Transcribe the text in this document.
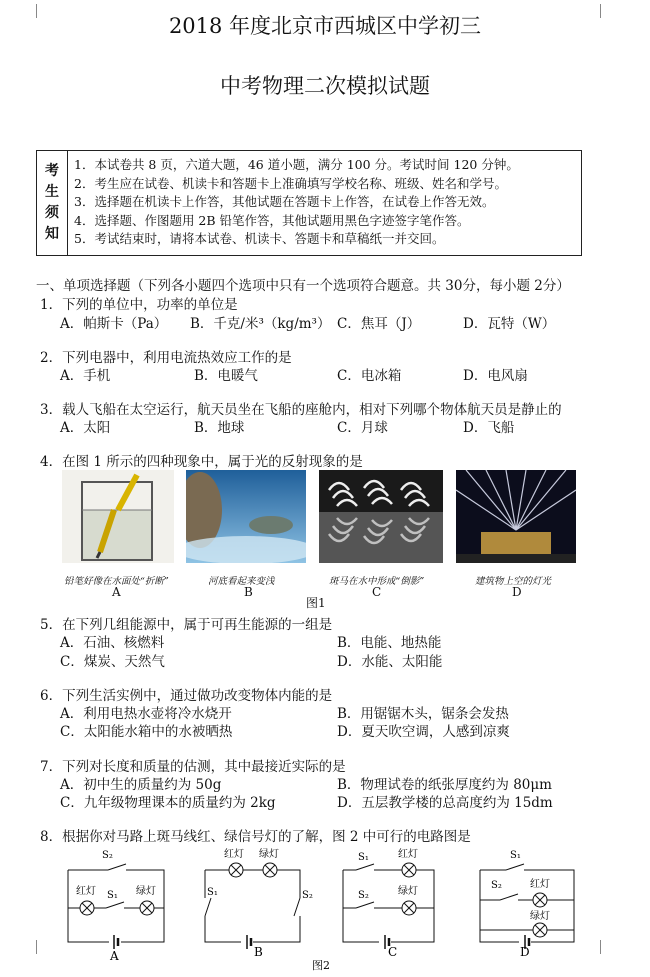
2018 年度北京市西城区中学初三
中考物理二次模拟试题
考
生
须
知
1．本试卷共 8 页，六道大题，46 道小题，满分 100 分。考试时间 120 分钟。
2．考生应在试卷、机读卡和答题卡上准确填写学校名称、班级、姓名和学号。
3．选择题在机读卡上作答，其他试题在答题卡上作答，在试卷上作答无效。
4．选择题、作图题用 2B 铅笔作答，其他试题用黑色字迹签字笔作答。
5．考试结束时，请将本试卷、机读卡、答题卡和草稿纸一并交回。
一、单项选择题（下列各小题四个选项中只有一个选项符合题意。共 30分，每小题 2分）
1．下列的单位中，功率的单位是
A．帕斯卡（Pa） B．千克/米³（kg/m³） C．焦耳（J）	D．瓦特（W）
2．下列电器中，利用电流热效应工作的是
A．手机	B．电暖气	C．电冰箱	D．电风扇
3．载人飞船在太空运行，航天员坐在飞船的座舱内，相对下列哪个物体航天员是静止的
A．太阳	B．地球	C．月球	D．飞船
4．在图 1 所示的四种现象中，属于光的反射现象的是
铅笔好像在水面处“折断”	河底看起来变浅	斑马在水中形成“倒影”	建筑物上空的灯光
A	B	C	D
图1
5．在下列几组能源中，属于可再生能源的一组是
A．石油、核燃料	B．电能、地热能
C．煤炭、天然气	D．水能、太阳能
6．下列生活实例中，通过做功改变物体内能的是
A．利用电热水壶将冷水烧开	B．用锯锯木头，锯条会发热
C．太阳能水箱中的水被晒热	D．夏天吹空调，人感到凉爽
7．下列对长度和质量的估测，其中最接近实际的是
A．初中生的质量约为 50g	B．物理试卷的纸张厚度约为 80μm
C．九年级物理课本的质量约为 2kg	D．五层教学楼的总高度约为 15dm
8．根据你对马路上斑马线红、绿信号灯的了解，图 2 中可行的电路图是
S₂
红灯 S₁ 绿灯
红灯 绿灯
S₁	S₂
S₁	红灯
S₂	绿灯
S₁
S₂	红灯
绿灯
A	B	C	D
图2
